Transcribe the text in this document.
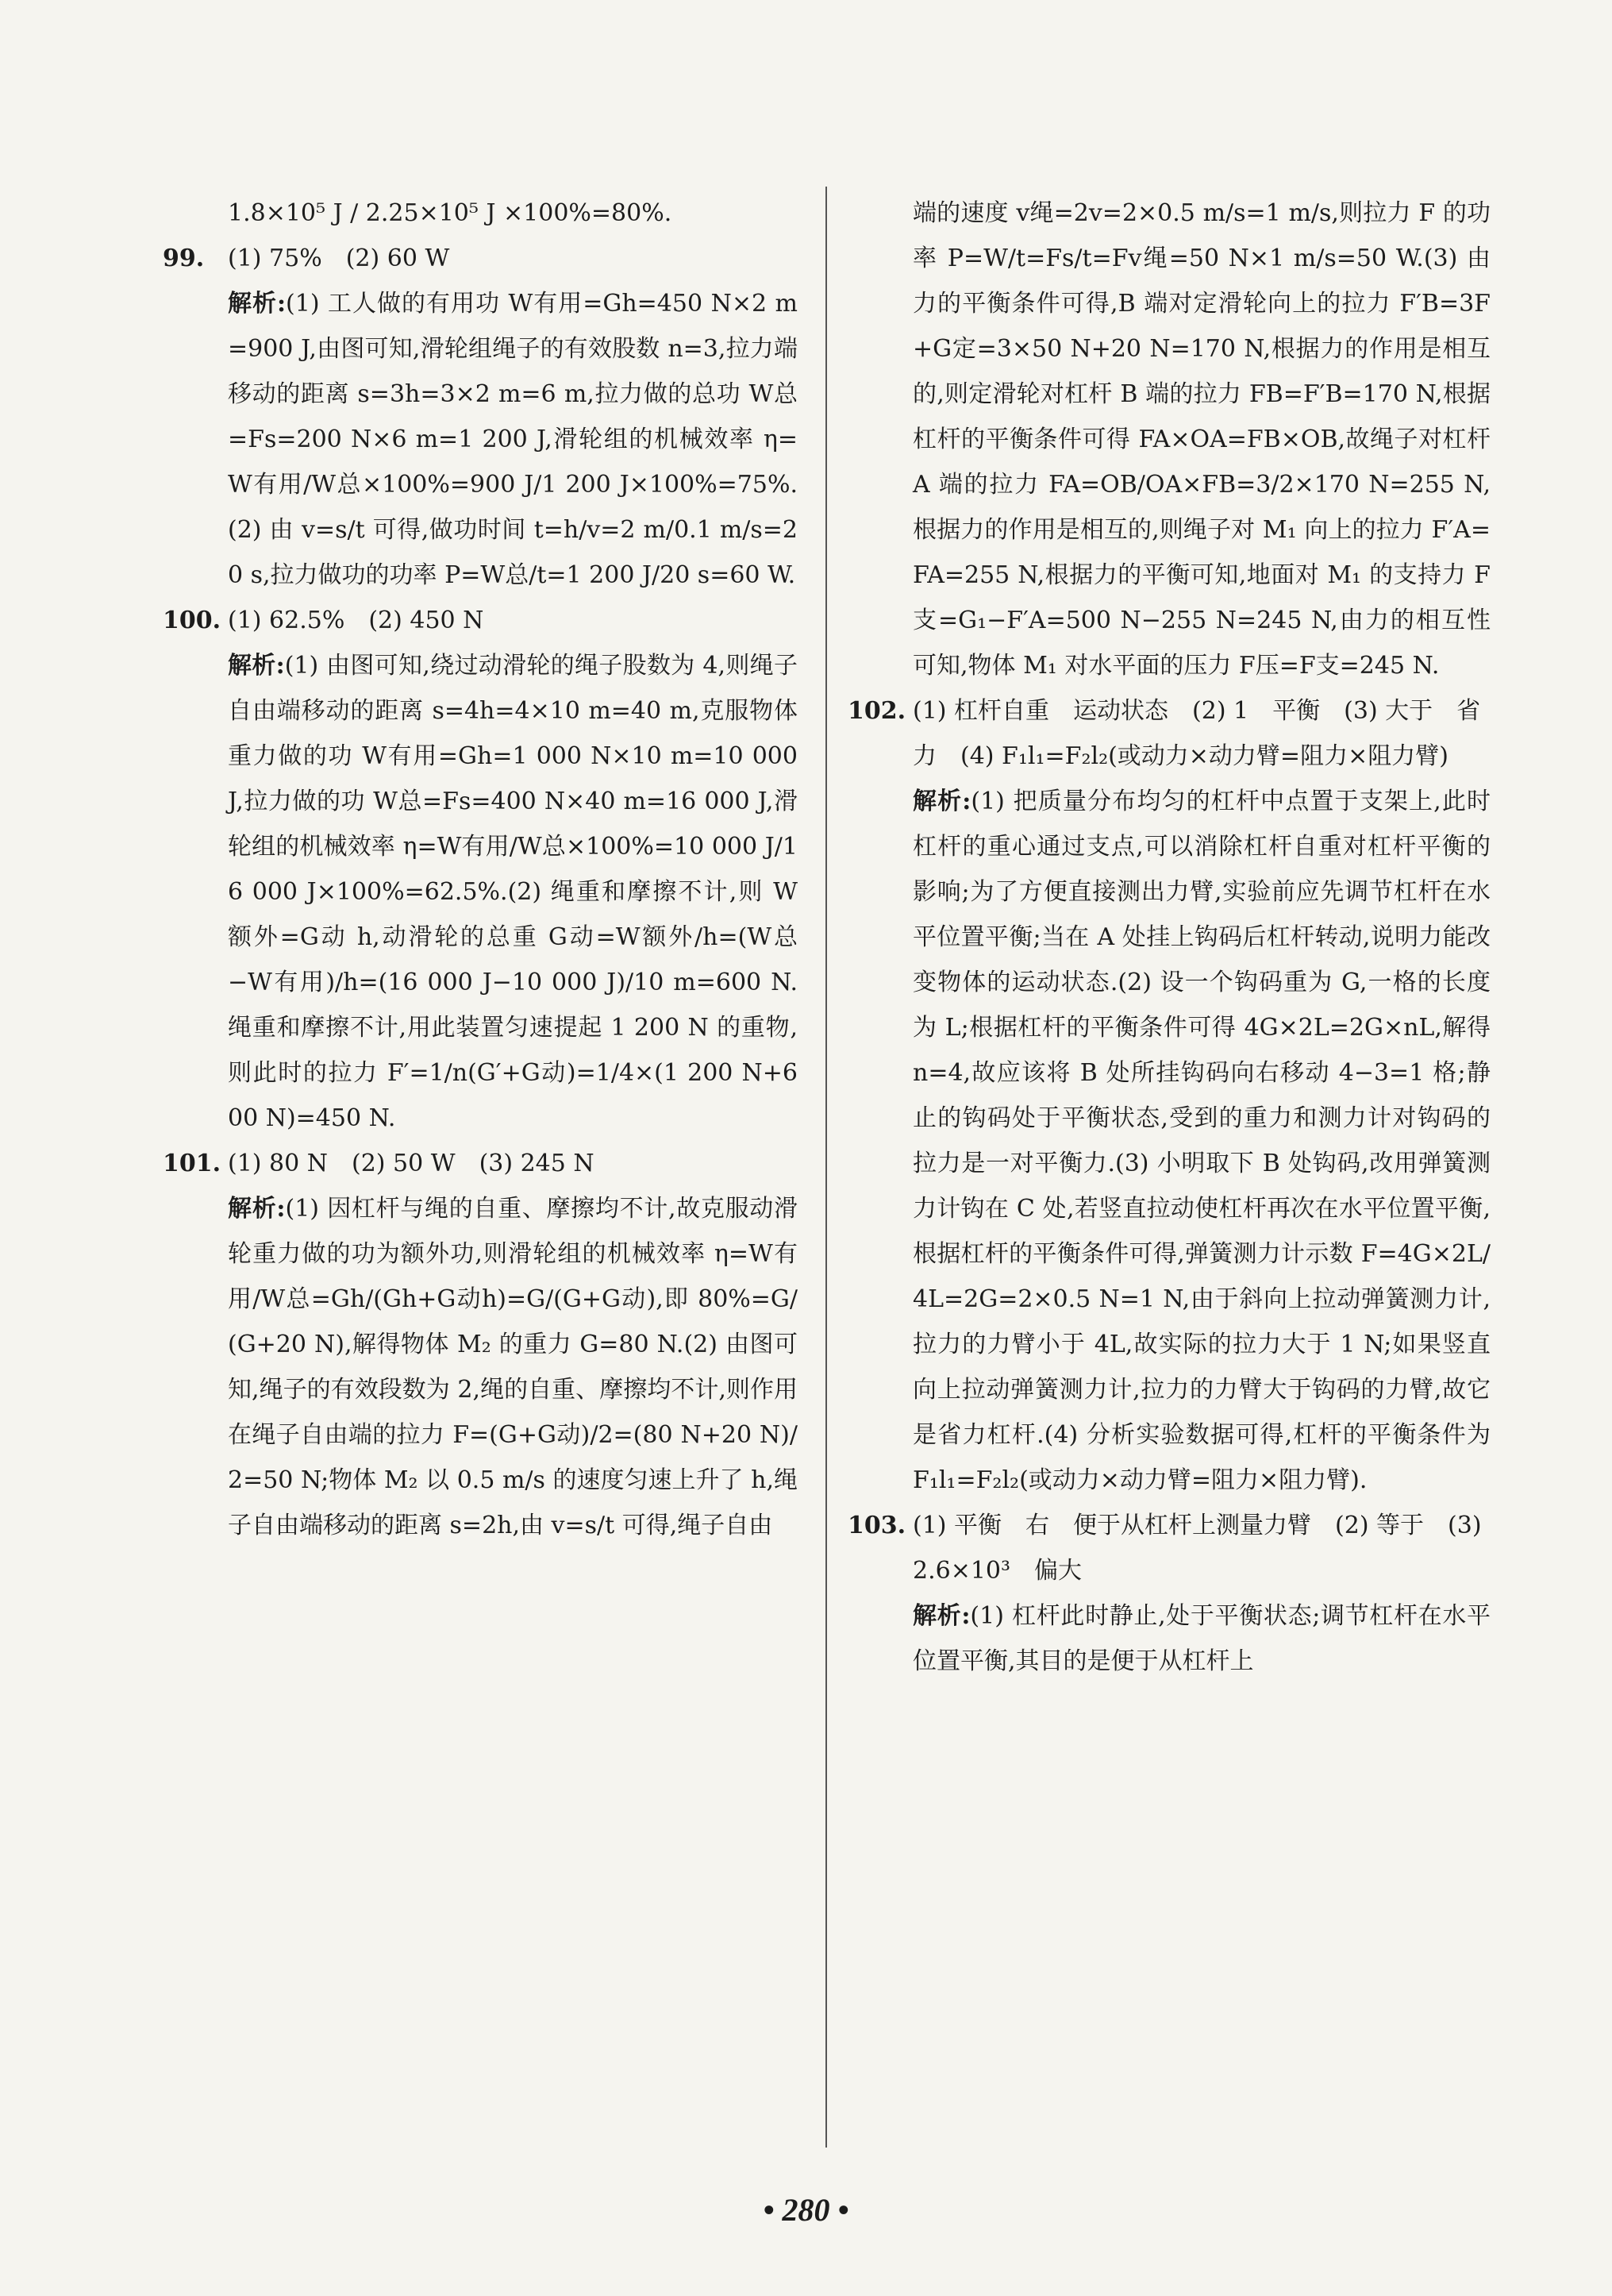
1.8×10⁵ J / 2.25×10⁵ J ×100%=80%.

99. (1) 75%　(2) 60 W

解析:(1) 工人做的有用功 W有用=Gh=450 N×2 m=900 J,由图可知,滑轮组绳子的有效股数 n=3,拉力端移动的距离 s=3h=3×2 m=6 m,拉力做的总功 W总=Fs=200 N×6 m=1 200 J,滑轮组的机械效率 η=W有用/W总×100%=900 J/1 200 J×100%=75%.(2) 由 v=s/t 可得,做功时间 t=h/v=2 m/0.1 m/s=20 s,拉力做功的功率 P=W总/t=1 200 J/20 s=60 W.

100. (1) 62.5%　(2) 450 N

解析:(1) 由图可知,绕过动滑轮的绳子股数为 4,则绳子自由端移动的距离 s=4h=4×10 m=40 m,克服物体重力做的功 W有用=Gh=1 000 N×10 m=10 000 J,拉力做的功 W总=Fs=400 N×40 m=16 000 J,滑轮组的机械效率 η=W有用/W总×100%=10 000 J/16 000 J×100%=62.5%.(2) 绳重和摩擦不计,则 W额外=G动 h,动滑轮的总重 G动=W额外/h=(W总−W有用)/h=(16 000 J−10 000 J)/10 m=600 N.绳重和摩擦不计,用此装置匀速提起 1 200 N 的重物,则此时的拉力 F′=1/n(G′+G动)=1/4×(1 200 N+600 N)=450 N.

101. (1) 80 N　(2) 50 W　(3) 245 N

解析:(1) 因杠杆与绳的自重、摩擦均不计,故克服动滑轮重力做的功为额外功,则滑轮组的机械效率 η=W有用/W总=Gh/(Gh+G动h)=G/(G+G动),即 80%=G/(G+20 N),解得物体 M₂ 的重力 G=80 N.(2) 由图可知,绳子的有效段数为 2,绳的自重、摩擦均不计,则作用在绳子自由端的拉力 F=(G+G动)/2=(80 N+20 N)/2=50 N;物体 M₂ 以 0.5 m/s 的速度匀速上升了 h,绳子自由端移动的距离 s=2h,由 v=s/t 可得,绳子自由

端的速度 v绳=2v=2×0.5 m/s=1 m/s,则拉力 F 的功率 P=W/t=Fs/t=Fv绳=50 N×1 m/s=50 W.(3) 由力的平衡条件可得,B 端对定滑轮向上的拉力 F′B=3F+G定=3×50 N+20 N=170 N,根据力的作用是相互的,则定滑轮对杠杆 B 端的拉力 FB=F′B=170 N,根据杠杆的平衡条件可得 FA×OA=FB×OB,故绳子对杠杆 A 端的拉力 FA=OB/OA×FB=3/2×170 N=255 N,根据力的作用是相互的,则绳子对 M₁ 向上的拉力 F′A=FA=255 N,根据力的平衡可知,地面对 M₁ 的支持力 F支=G₁−F′A=500 N−255 N=245 N,由力的相互性可知,物体 M₁ 对水平面的压力 F压=F支=245 N.

102. (1) 杠杆自重　运动状态　(2) 1　平衡　(3) 大于　省力　(4) F₁l₁=F₂l₂(或动力×动力臂=阻力×阻力臂)

解析:(1) 把质量分布均匀的杠杆中点置于支架上,此时杠杆的重心通过支点,可以消除杠杆自重对杠杆平衡的影响;为了方便直接测出力臂,实验前应先调节杠杆在水平位置平衡;当在 A 处挂上钩码后杠杆转动,说明力能改变物体的运动状态.(2) 设一个钩码重为 G,一格的长度为 L;根据杠杆的平衡条件可得 4G×2L=2G×nL,解得 n=4,故应该将 B 处所挂钩码向右移动 4−3=1 格;静止的钩码处于平衡状态,受到的重力和测力计对钩码的拉力是一对平衡力.(3) 小明取下 B 处钩码,改用弹簧测力计钩在 C 处,若竖直拉动使杠杆再次在水平位置平衡,根据杠杆的平衡条件可得,弹簧测力计示数 F=4G×2L/4L=2G=2×0.5 N=1 N,由于斜向上拉动弹簧测力计,拉力的力臂小于 4L,故实际的拉力大于 1 N;如果竖直向上拉动弹簧测力计,拉力的力臂大于钩码的力臂,故它是省力杠杆.(4) 分析实验数据可得,杠杆的平衡条件为 F₁l₁=F₂l₂(或动力×动力臂=阻力×阻力臂).

103. (1) 平衡　右　便于从杠杆上测量力臂　(2) 等于　(3) 2.6×10³　偏大

解析:(1) 杠杆此时静止,处于平衡状态;调节杠杆在水平位置平衡,其目的是便于从杠杆上

• 280 •
